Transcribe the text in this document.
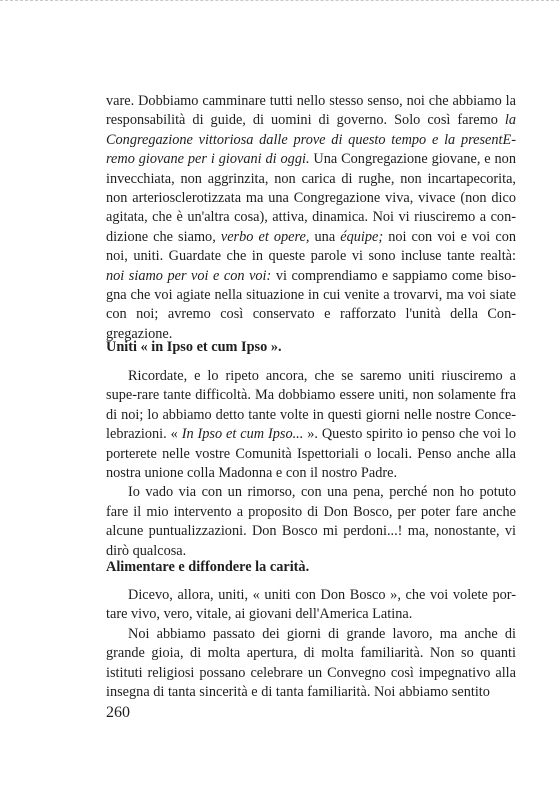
vare. Dobbiamo camminare tutti nello stesso senso, noi che abbiamo la responsabilità di guide, di uomini di governo. Solo così faremo la Congregazione vittoriosa dalle prove di questo tempo e la presentE-remo giovane per i giovani di oggi. Una Congregazione giovane, e non invecchiata, non aggrinzita, non carica di rughe, non incartapecorita, non arteriosclerotizzata ma una Congregazione viva, vivace (non dico agitata, che è un'altra cosa), attiva, dinamica. Noi vi riusciremo a con-dizione che siamo, verbo et opere, una équipe; noi con voi e voi con noi, uniti. Guardate che in queste parole vi sono incluse tante realtà: noi siamo per voi e con voi: vi comprendiamo e sappiamo come biso-gna che voi agiate nella situazione in cui venite a trovarvi, ma voi siate con noi; avremo così conservato e rafforzato l'unità della Con-gregazione.

Uniti « in Ipso et cum Ipso ».

Ricordate, e lo ripeto ancora, che se saremo uniti riusciremo a supe-rare tante difficoltà. Ma dobbiamo essere uniti, non solamente fra di noi; lo abbiamo detto tante volte in questi giorni nelle nostre Conce-lebrazioni. « In Ipso et cum Ipso... ». Questo spirito io penso che voi lo porterete nelle vostre Comunità Ispettoriali o locali. Penso anche alla nostra unione colla Madonna e con il nostro Padre.

Io vado via con un rimorso, con una pena, perché non ho potuto fare il mio intervento a proposito di Don Bosco, per poter fare anche alcune puntualizzazioni. Don Bosco mi perdoni...! ma, nonostante, vi dirò qualcosa.

Alimentare e diffondere la carità.

Dicevo, allora, uniti, « uniti con Don Bosco », che voi volete por-tare vivo, vero, vitale, ai giovani dell'America Latina.

Noi abbiamo passato dei giorni di grande lavoro, ma anche di grande gioia, di molta apertura, di molta familiarità. Non so quanti istituti religiosi possano celebrare un Convegno così impegnativo alla insegna di tanta sincerità e di tanta familiarità. Noi abbiamo sentito

260
